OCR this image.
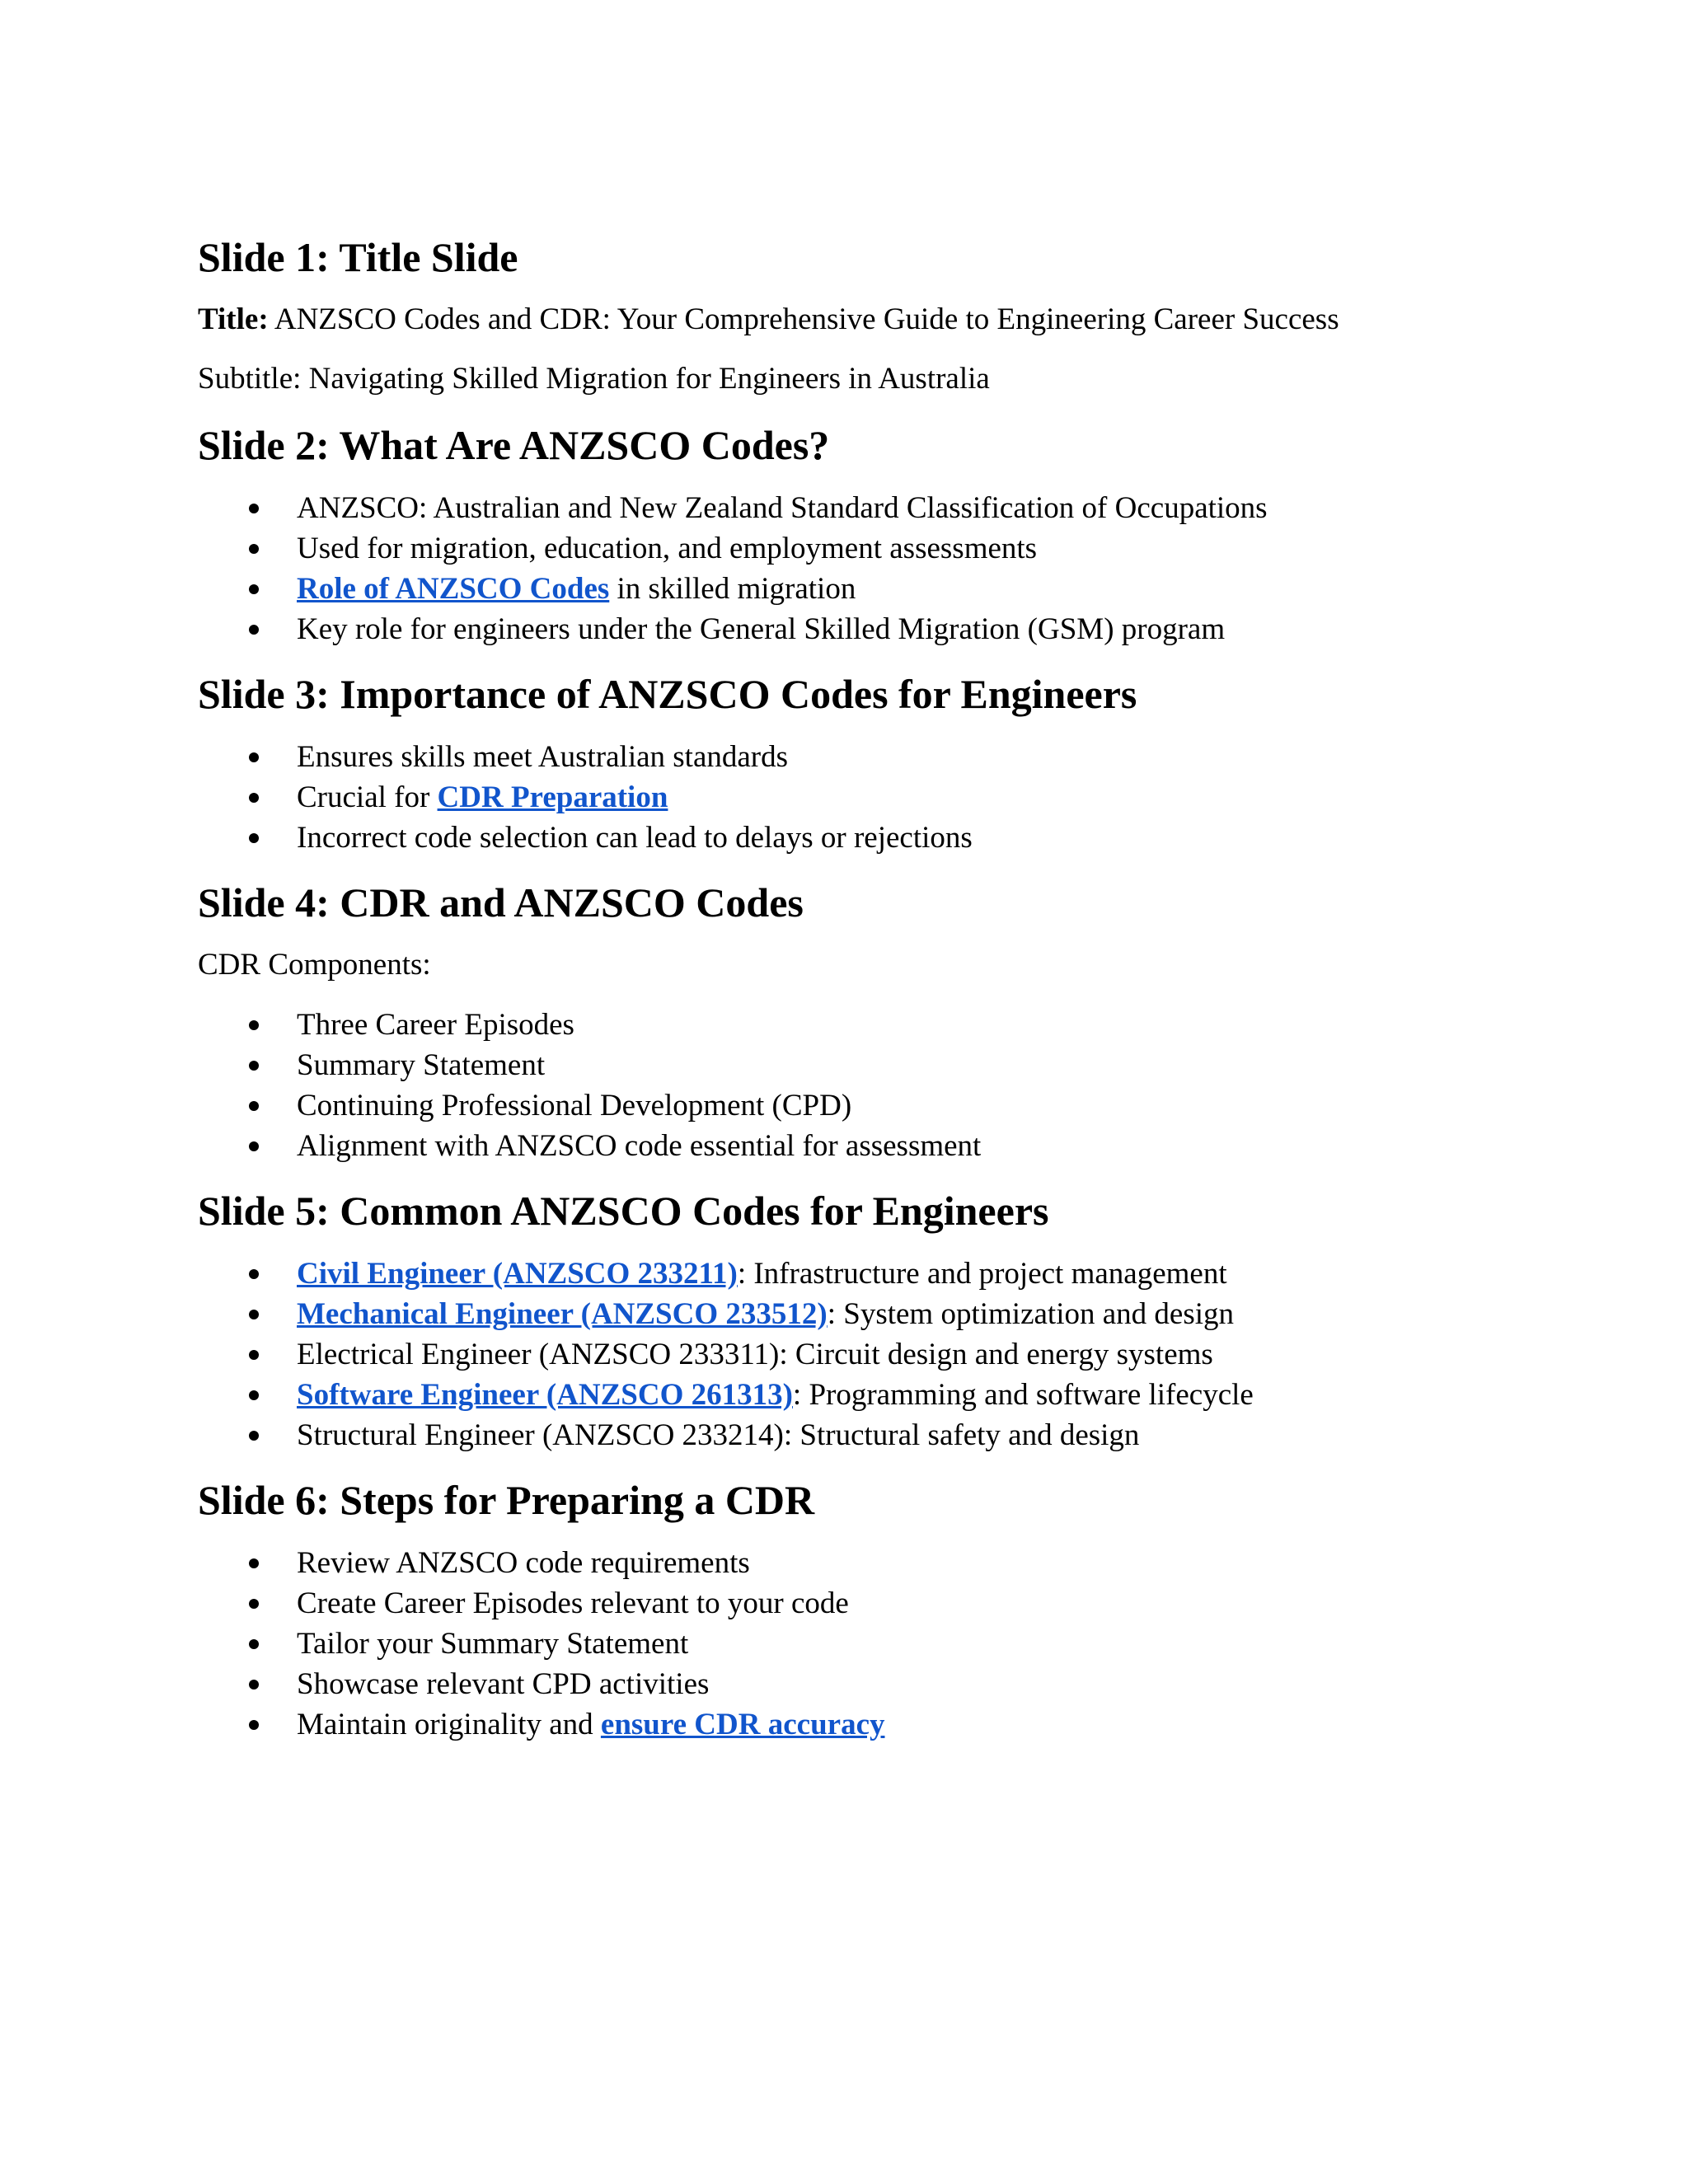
Slide 1: Title Slide

Title: ANZSCO Codes and CDR: Your Comprehensive Guide to Engineering Career Success

Subtitle: Navigating Skilled Migration for Engineers in Australia

Slide 2: What Are ANZSCO Codes?
ANZSCO: Australian and New Zealand Standard Classification of Occupations
Used for migration, education, and employment assessments
Role of ANZSCO Codes in skilled migration
Key role for engineers under the General Skilled Migration (GSM) program
Slide 3: Importance of ANZSCO Codes for Engineers
Ensures skills meet Australian standards
Crucial for CDR Preparation
Incorrect code selection can lead to delays or rejections
Slide 4: CDR and ANZSCO Codes

CDR Components:

Three Career Episodes
Summary Statement
Continuing Professional Development (CPD)
Alignment with ANZSCO code essential for assessment
Slide 5: Common ANZSCO Codes for Engineers
Civil Engineer (ANZSCO 233211): Infrastructure and project management
Mechanical Engineer (ANZSCO 233512): System optimization and design
Electrical Engineer (ANZSCO 233311): Circuit design and energy systems
Software Engineer (ANZSCO 261313): Programming and software lifecycle
Structural Engineer (ANZSCO 233214): Structural safety and design
Slide 6: Steps for Preparing a CDR
Review ANZSCO code requirements
Create Career Episodes relevant to your code
Tailor your Summary Statement
Showcase relevant CPD activities
Maintain originality and ensure CDR accuracy
